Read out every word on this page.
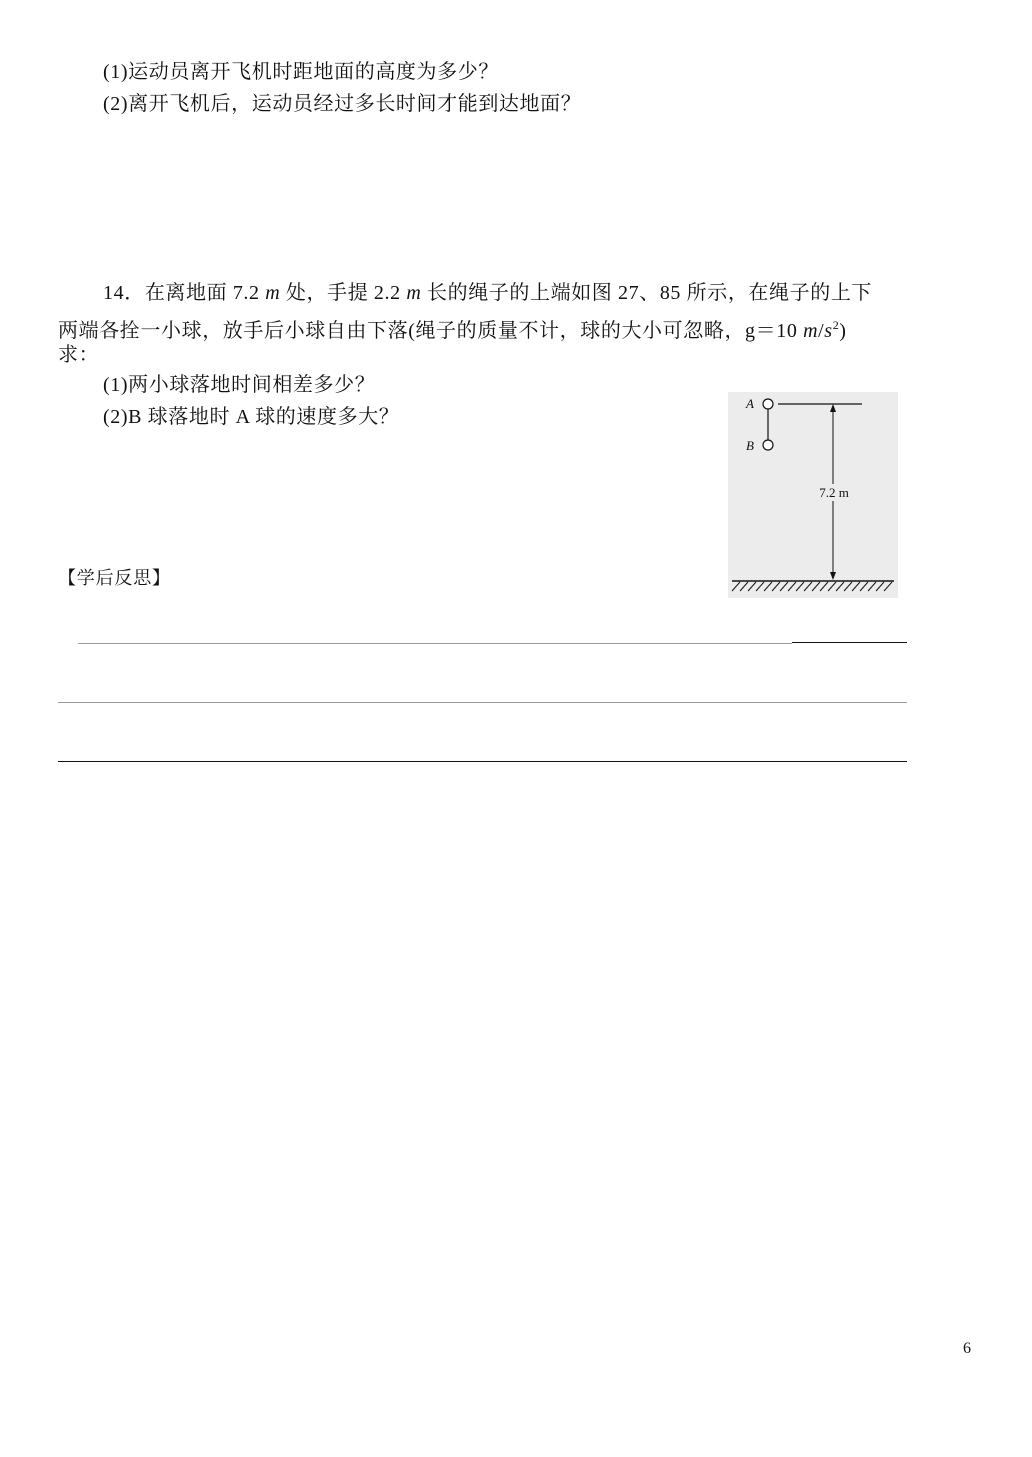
(1)运动员离开飞机时距地面的高度为多少？
(2)离开飞机后，运动员经过多长时间才能到达地面？
14．在离地面 7.2 m 处，手提 2.2 m 长的绳子的上端如图 27、85 所示，在绳子的上下
两端各拴一小球，放手后小球自由下落(绳子的质量不计，球的大小可忽略，g＝10 $m/s^2$)
求：
(1)两小球落地时间相差多少？
(2)B 球落地时 A 球的速度多大？
A
B
7.2 m
【学后反思】
6
